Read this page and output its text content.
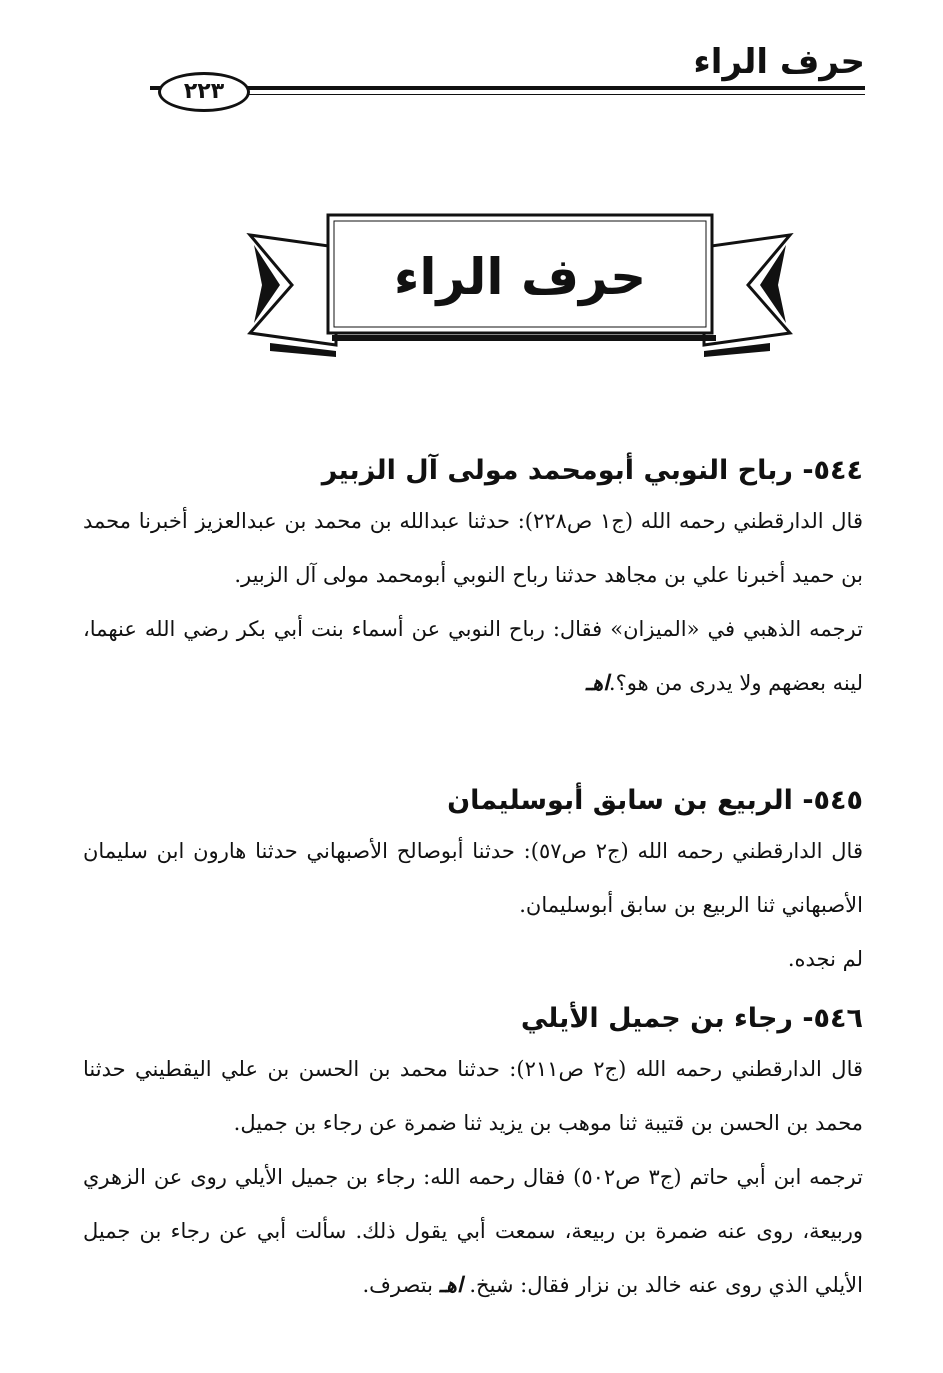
حرف الراء
٢٢٣
حرف الراء
٥٤٤- رباح النوبي أبومحمد مولى آل الزبير

قال الدارقطني رحمه الله (ج١ ص٢٢٨): حدثنا عبدالله بن محمد بن عبدالعزيز أخبرنا محمد بن حميد أخبرنا علي بن مجاهد حدثنا رباح النوبي أبومحمد مولى آل الزبير.

ترجمه الذهبي في «الميزان» فقال: رباح النوبي عن أسماء بنت أبي بكر رضي الله عنهما، لينه بعضهم ولا يدرى من هو؟.اهـ

٥٤٥- الربيع بن سابق أبوسليمان

قال الدارقطني رحمه الله (ج٢ ص٥٧): حدثنا أبوصالح الأصبهاني حدثنا هارون ابن سليمان الأصبهاني ثنا الربيع بن سابق أبوسليمان.

لم نجده.

٥٤٦- رجاء بن جميل الأيلي

قال الدارقطني رحمه الله (ج٢ ص٢١١): حدثنا محمد بن الحسن بن علي اليقطيني حدثنا محمد بن الحسن بن قتيبة ثنا موهب بن يزيد ثنا ضمرة عن رجاء بن جميل.

ترجمه ابن أبي حاتم (ج٣ ص٥٠٢) فقال رحمه الله: رجاء بن جميل الأيلي روى عن الزهري وربيعة، روى عنه ضمرة بن ربيعة، سمعت أبي يقول ذلك. سألت أبي عن رجاء بن جميل الأيلي الذي روى عنه خالد بن نزار فقال: شيخ. اهـ بتصرف.
